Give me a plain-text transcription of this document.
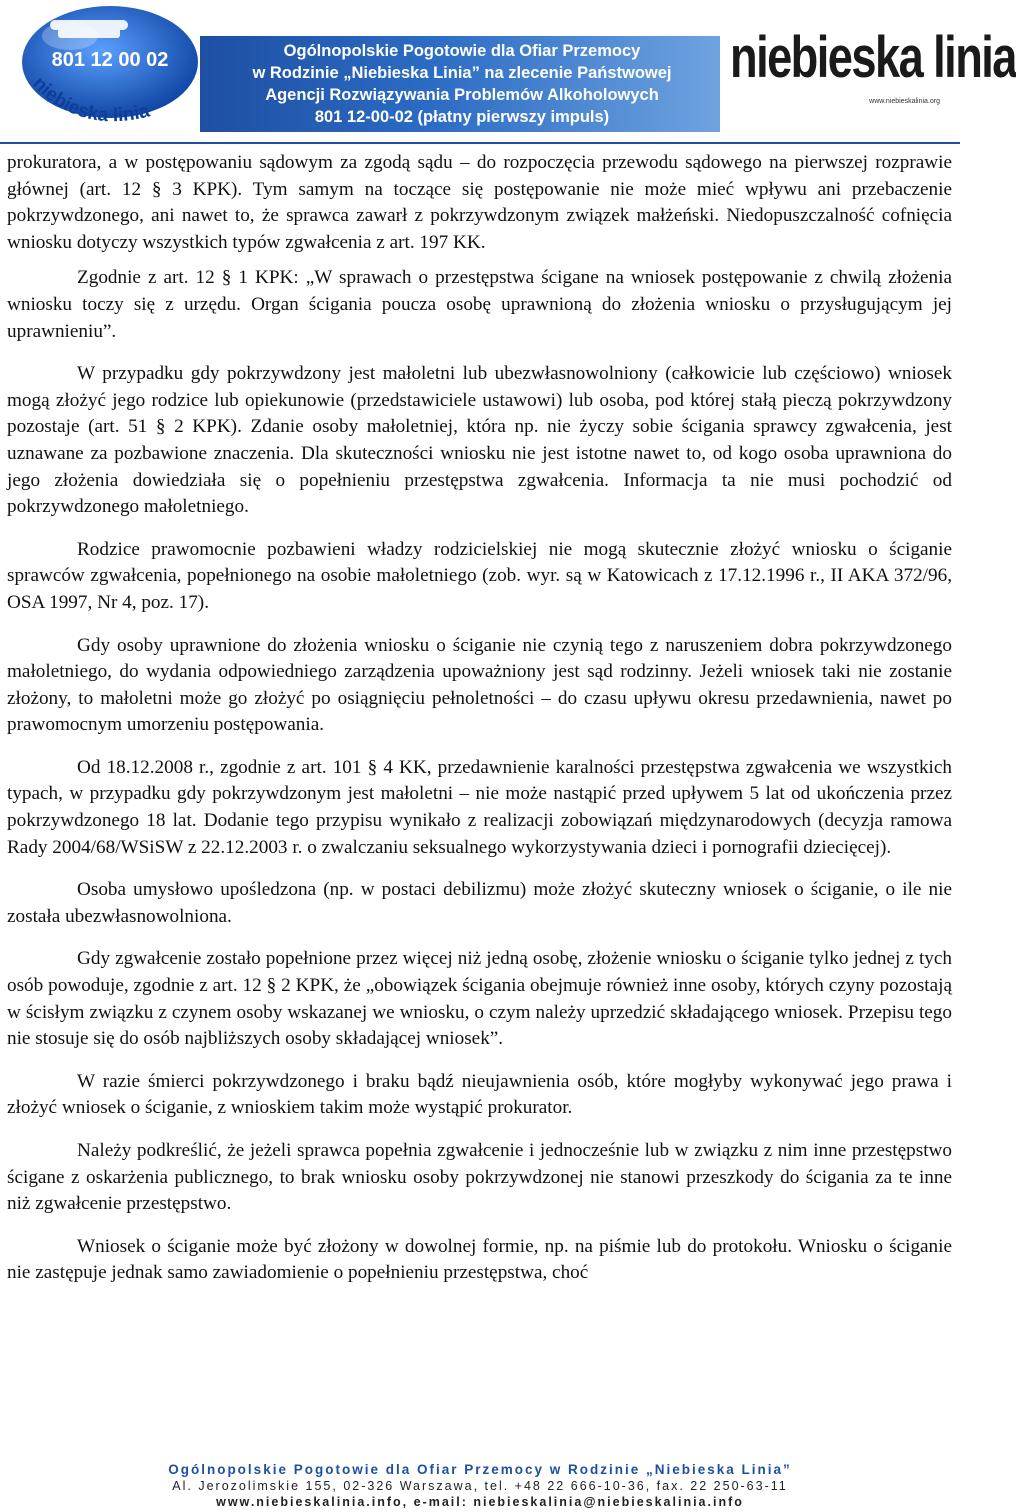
801 12 00 02
niebieska linia
Ogólnopolskie Pogotowie dla Ofiar Przemocy
w Rodzinie „Niebieska Linia” na zlecenie Państwowej
Agencji Rozwiązywania Problemów Alkoholowych
801 12-00-02 (płatny pierwszy impuls)
niebieska linia
www.niebieskalinia.org

prokuratora, a w postępowaniu sądowym za zgodą sądu – do rozpoczęcia przewodu sądowego na pierwszej rozprawie głównej (art. 12 § 3 KPK). Tym samym na toczące się postępowanie nie może mieć wpływu ani przebaczenie pokrzywdzonego, ani nawet to, że sprawca zawarł z pokrzywdzonym związek małżeński. Niedopuszczalność cofnięcia wniosku dotyczy wszystkich typów zgwałcenia z art. 197 KK.

Zgodnie z art. 12 § 1 KPK: „W sprawach o przestępstwa ścigane na wniosek postępowanie z chwilą złożenia wniosku toczy się z urzędu. Organ ścigania poucza osobę uprawnioną do złożenia wniosku o przysługującym jej uprawnieniu”.

W przypadku gdy pokrzywdzony jest małoletni lub ubezwłasnowolniony (całkowicie lub częściowo) wniosek mogą złożyć jego rodzice lub opiekunowie (przedstawiciele ustawowi) lub osoba, pod której stałą pieczą pokrzywdzony pozostaje (art. 51 § 2 KPK). Zdanie osoby małoletniej, która np. nie życzy sobie ścigania sprawcy zgwałcenia, jest uznawane za pozbawione znaczenia. Dla skuteczności wniosku nie jest istotne nawet to, od kogo osoba uprawniona do jego złożenia dowiedziała się o popełnieniu przestępstwa zgwałcenia. Informacja ta nie musi pochodzić od pokrzywdzonego małoletniego.

Rodzice prawomocnie pozbawieni władzy rodzicielskiej nie mogą skutecznie złożyć wniosku o ściganie sprawców zgwałcenia, popełnionego na osobie małoletniego (zob. wyr. są w Katowicach z 17.12.1996 r., II AKA 372/96, OSA 1997, Nr 4, poz. 17).

Gdy osoby uprawnione do złożenia wniosku o ściganie nie czynią tego z naruszeniem dobra pokrzywdzonego małoletniego, do wydania odpowiedniego zarządzenia upoważniony jest sąd rodzinny. Jeżeli wniosek taki nie zostanie złożony, to małoletni może go złożyć po osiągnięciu pełnoletności – do czasu upływu okresu przedawnienia, nawet po prawomocnym umorzeniu postępowania.

Od 18.12.2008 r., zgodnie z art. 101 § 4 KK, przedawnienie karalności przestępstwa zgwałcenia we wszystkich typach, w przypadku gdy pokrzywdzonym jest małoletni – nie może nastąpić przed upływem 5 lat od ukończenia przez pokrzywdzonego 18 lat. Dodanie tego przypisu wynikało z realizacji zobowiązań międzynarodowych (decyzja ramowa Rady 2004/68/WSiSW z 22.12.2003 r. o zwalczaniu seksualnego wykorzystywania dzieci i pornografii dziecięcej).

Osoba umysłowo upośledzona (np. w postaci debilizmu) może złożyć skuteczny wniosek o ściganie, o ile nie została ubezwłasnowolniona.

Gdy zgwałcenie zostało popełnione przez więcej niż jedną osobę, złożenie wniosku o ściganie tylko jednej z tych osób powoduje, zgodnie z art. 12 § 2 KPK, że „obowiązek ścigania obejmuje również inne osoby, których czyny pozostają w ścisłym związku z czynem osoby wskazanej we wniosku, o czym należy uprzedzić składającego wniosek. Przepisu tego nie stosuje się do osób najbliższych osoby składającej wniosek”.

W razie śmierci pokrzywdzonego i braku bądź nieujawnienia osób, które mogłyby wykonywać jego prawa i złożyć wniosek o ściganie, z wnioskiem takim może wystąpić prokurator.

Należy podkreślić, że jeżeli sprawca popełnia zgwałcenie i jednocześnie lub w związku z nim inne przestępstwo ścigane z oskarżenia publicznego, to brak wniosku osoby pokrzywdzonej nie stanowi przeszkody do ścigania za te inne niż zgwałcenie przestępstwo.

Wniosek o ściganie może być złożony w dowolnej formie, np. na piśmie lub do protokołu. Wniosku o ściganie nie zastępuje jednak samo zawiadomienie o popełnieniu przestępstwa, choć

Ogólnopolskie Pogotowie dla Ofiar Przemocy w Rodzinie „Niebieska Linia”
Al. Jerozolimskie 155, 02-326 Warszawa, tel. +48 22 666-10-36, fax. 22 250-63-11
www.niebieskalinia.info, e-mail: niebieskalinia@niebieskalinia.info
